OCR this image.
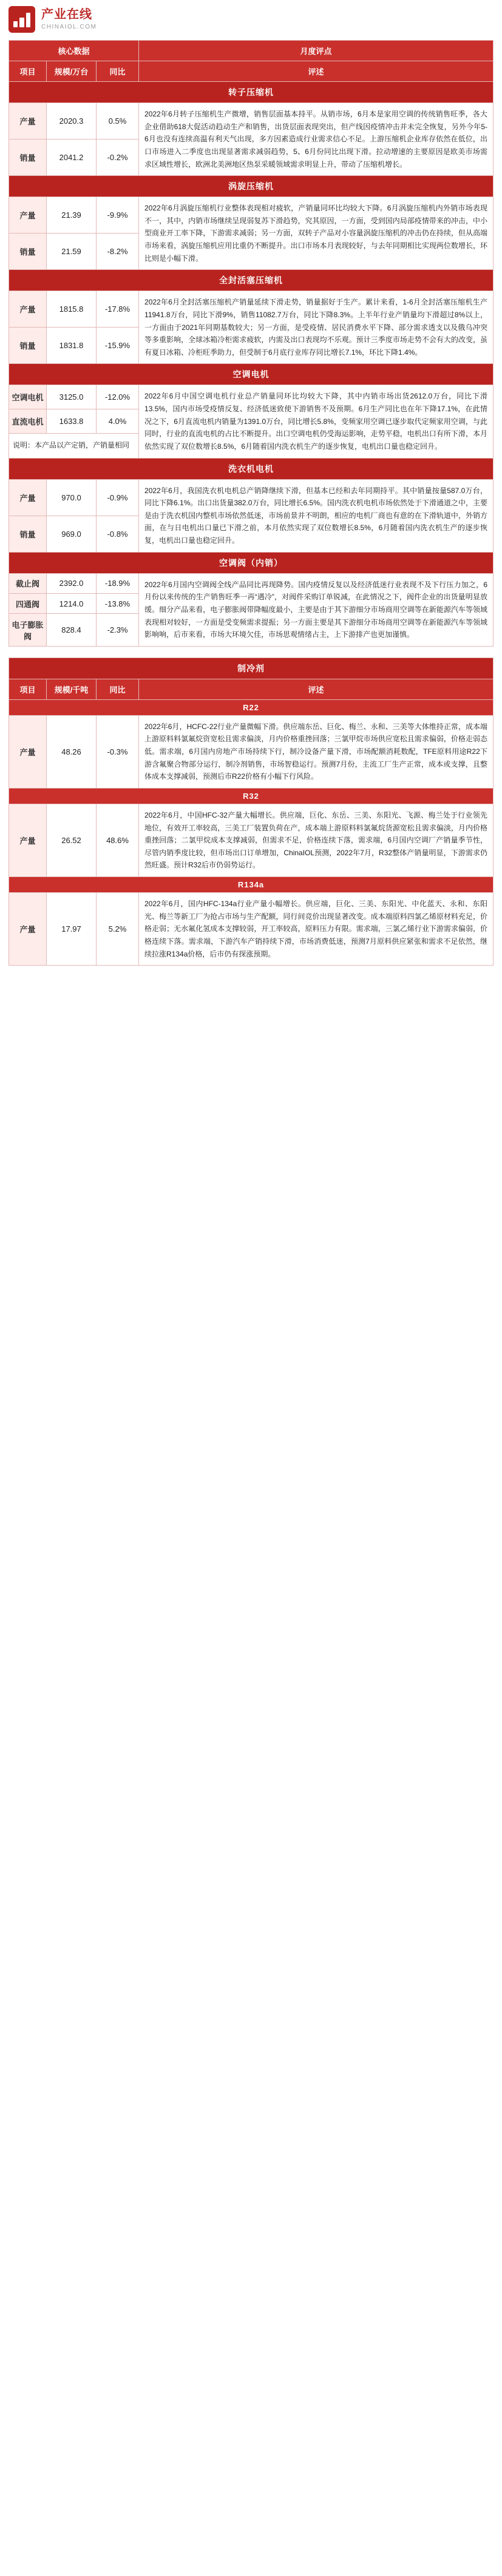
产业在线
CHINAIOL.COM
核心数据			月度评点
项目	规模/万台	同比	评述
转子压缩机			
产量	2020.3	0.5%	2022年6月转子压缩机生产微增，销售层面基本持平。从销市场，6月本是家用空调的传统销售旺季，各大企业借助618大促活动趋动生产和销售，出货层面表现突出，但产线因疫情冲击并未完全恢复，另外今年5-6月也没有连续高温有利天气出现，多方因素造成行业需求信心不足。上游压缩机企业库存依然在低位，出口市场进入二季度也出现显著需求减弱趋势，5、6月份同比出现下滑。拉动增速的主要原因是欧美市场需求区域性增长，欧洲北美洲地区热泵采暖领域需求明显上升，带动了压缩机增长。
销量	2041.2	-0.2%	
涡旋压缩机			
产量	21.39	-9.9%	2022年6月涡旋压缩机行业整体表现相对疲软，产销量同环比均较大下降。6月涡旋压缩机内外销市场表现不一，其中，内销市场继续呈现弱复苏下滑趋势，究其原因，一方面，受到国内局部疫情带来的冲击，中小型商业开工率下降，下游需求减弱；另一方面，双转子产品对小容量涡旋压缩机的冲击仍在持续，但从高端市场来看，涡旋压缩机应用比重仍不断提升。出口市场本月表现较好，与去年同期相比实现两位数增长，环比则是小幅下滑。
销量	21.59	-8.2%	
全封活塞压缩机			
产量	1815.8	-17.8%	2022年6月全封活塞压缩机产销量延续下滑走势，销量据好于生产。累计来看，1-6月全封活塞压缩机生产11941.8万台，同比下滑9%，销售11082.7万台，同比下降8.3%。上半年行业产销量均下滑超过8%以上，一方面由于2021年同期基数较大；另一方面，是受疫情、居民消费水平下降、部分需求透支以及俄乌冲突等多重影响，全球冰箱冷柜需求疲软，内需及出口表现均不乐观。预计三季度市场走势不会有大的改变，虽有夏日冰箱、冷柜旺季助力，但受制于6月底行业库存同比增长7.1%，环比下降1.4%。
销量	1831.8	-15.9%	
空调电机			
空调电机	3125.0	-12.0%	2022年6月中国空调电机行业总产销量同环比均较大下降，其中内销市场出货2612.0万台，同比下滑13.5%，国内市场受疫情反复、经济低迷致使下游销售不及预期。6月生产同比也在年下降17.1%，在此情况之下，6月直流电机内销量为1391.0万台，同比增长5.8%，变频家用空调已逐步取代定频家用空调，与此同时，行业的直流电机的占比不断提升。出口空调电机仍受海运影响，走势平稳，电机出口有所下滑，本月依然实现了双位数增长8.5%，6月随着国内洗衣机生产的逐步恢复，电机出口量也稳定回升。
直流电机	1633.8	4.0%	
说明：本产品以产定销，产销量相同			
洗衣机电机			
产量	970.0	-0.9%	2022年6月，我国洗衣机电机总产销降继续下滑，但基本已经和去年同期持平。其中销量按量587.0万台，同比下降6.1%。出口出货量382.0万台，同比增长6.5%。国内洗衣机电机市场依然处于下滑通道之中，主要是由于洗衣机国内整机市场依然低迷，市场前景并不明朗，相应的电机厂商也有意的在下滑轨道中，外销方面，在与日电机出口量已下滑之前，本月依然实现了双位数增长8.5%，6月随着国内洗衣机生产的逐步恢复，电机出口量也稳定回升。
销量	969.0	-0.8%	
空调阀（内销）			
截止阀	2392.0	-18.9%	2022年6月国内空调阀全线产品同比再现降势。国内疫情反复以及经济低迷行业表现不及下行压力加之，6月份以来传统的生产销售旺季一再“遇冷”，对阀件采购订单锐减，在此情况之下，阀件企业的出货量明显放缓。细分产品来看，电子膨胀阀带降幅度最小，主要是由于其下游细分市场商用空调等在新能源汽车等领域表现相对较好，一方面是受变频需求提振；另一方面主要是其下游细分市场商用空调等在新能源汽车等领域影响响，后市来看，市场大环境欠佳，市场思观情绪占主，上下游排产也更加谨慎。
四通阀	1214.0	-13.8%	
电子膨胀阀	828.4	-2.3%	
制冷剂			
项目	规模/千吨	同比	评述
R22			
产量	48.26	-0.3%	2022年6月，HCFC-22行业产量微幅下滑。供应端东岳、巨化、梅兰、永和、三美等大体维持正常，成本端上游原料料氯氟烷资宽松且需求偏淡，月内价格重挫回落；三氯甲烷市场供应宽松且需求偏弱，价格走弱态低。需求端，6月国内房地产市场持续下行，制冷设备产量下滑，市场配额消耗数配，TFE原料用途R22下游含氟聚合物部分运行，制冷剂销售，市场智稳运行。预测7月份，主流工厂生产正常，成本或支撑，且整体成本支撑减弱，预测后市R22价格有小幅下行风险。
R32			
产量	26.52	48.6%	2022年6月，中国HFC-32产量大幅增长。供应端，巨化、东岳、三美、东阳光、飞源、梅兰处于行业领先地位，有效开工率较高，三美工厂装置负荷在产，成本端上游原料料氯氟烷货源宽松且需求偏淡，月内价格重挫回落；二氯甲烷成本支撑减弱，但需求不足，价格连续下落，需求端，6月国内空调厂产销量季节性，尽管内销季度比较，但市场出口订单增加，ChinaIOL预测，2022年7月，R32整体产销量明显，下游需求仍然旺盛。预计R32后市仍弱势运行。
R134a			
产量	17.97	5.2%	2022年6月，国内HFC-134a行业产量小幅增长。供应端，巨化、三美、东阳光、中化蓝天、永和、东阳光、梅兰等新工厂为抢占市场与生产配额，同行间竞价出现显著改变。成本端原料四氯乙烯原材料充足，价格走弱；无水氟化氢成本支撑较弱，开工率较高，原料压力有限。需求端，三氯乙烯行业下游需求偏弱，价格连续下落。需求端，下游汽车产销持续下滑，市场消费低迷，预测7月原料供应紧张和需求不足依然，继续拉涨R134a价格，后市仍有探涨预期。
